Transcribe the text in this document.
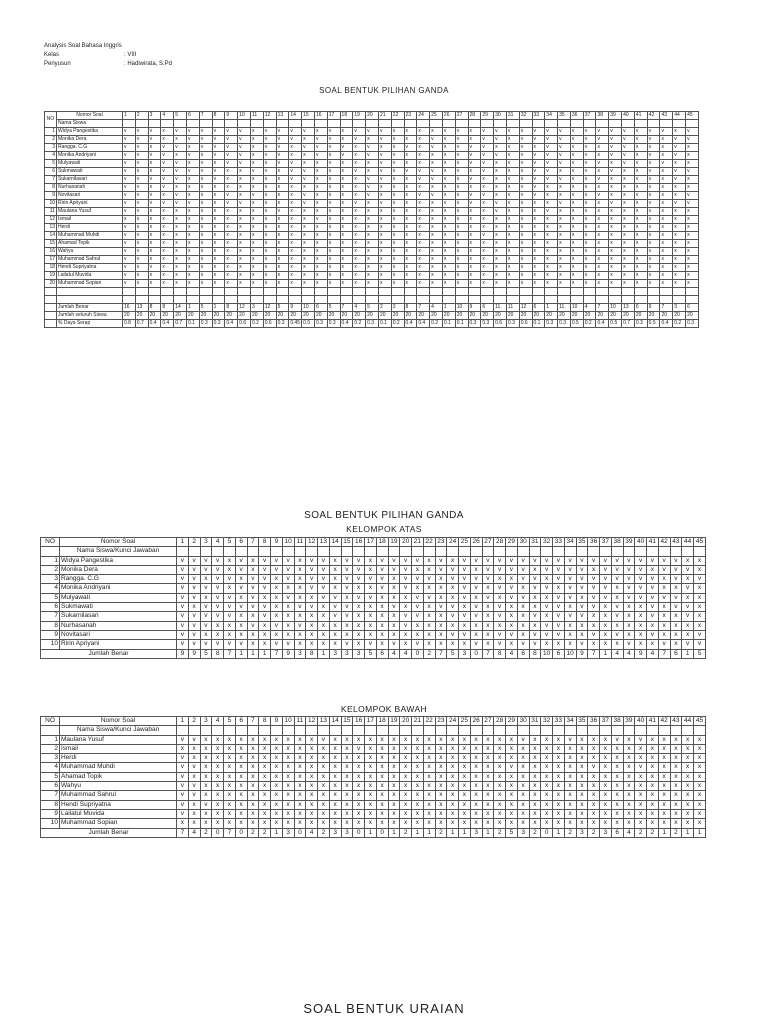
Analysis Soal Bahasa Inggris
Kelas	: VIII
Penyusun	: Hadiwirata, S.Pd
SOAL BENTUK PILIHAN GANDA
NO	Nomor Soal	1	2	3	4	5	6	7	8	9	10	11	12	13	14	15	16	17	18	19	20	21	22	23	24	25	26	27	28	29	30	31	32	33	34	35	36	37	38	39	40	41	42	43	44	45
	Nama Siswa																																													
1	Widya Pangestika	v	v	v	x	v	v	v	v	v	v	x	v	v	v	v	x	v	x	v	v	v	x	x	x	x	v	v	x	v	v	v	x	v	v	v	v	v	v	v	v	v	v	v	x	v
2	Monika Dera	v	v	v	x	x	v	v	v	v	v	x	v	v	v	x	v	v	x	v	x	v	x	x	x	v	v	v	x	v	v	x	v	v	v	v	v	v	v	v	v	v	v	x	v	v
3	Rangga. C.G	v	v	x	v	v	x	v	v	v	v	x	v	v	x	v	v	v	v	x	v	x	x	v	x	v	x	v	v	v	x	v	v	x	v	v	v	v	x	v	v	x	x	x	v	x
4	Monika Andriyani	v	v	v	v	x	v	x	v	v	v	x	v	v	x	x	v	x	v	x	v	v	v	x	x	x	x	v	v	v	v	v	v	v	v	v	v	v	x	v	v	x	v	x	v	x
5	Mulyawati	v	v	x	v	v	x	v	x	v	v	x	x	v	v	x	x	v	x	x	x	v	v	x	x	x	x	x	v	v	x	v	v	v	v	v	v	v	v	x	v	v	x	v	x	x
6	Sukmawati	v	x	x	v	v	v	v	v	x	x	v	v	x	v	v	x	x	x	v	x	v	x	v	v	v	x	v	x	v	x	x	x	v	v	x	v	v	x	v	x	x	v	x	v	v
7	Sukarnilasari	v	v	v	v	v	x	x	v	x	x	x	x	x	v	v	x	x	x	x	v	v	x	x	v	v	v	x	v	x	x	v	x	v	v	v	v	x	v	x	x	v	x	x	v	x
8	Nurhasanah	v	v	x	v	x	x	x	x	x	x	x	x	x	x	x	x	x	x	x	v	x	x	x	x	x	x	x	x	x	x	x	v	v	x	x	x	x	x	x	x	x	x	x	x	x
9	Novitasari	v	v	v	x	v	x	x	x	v	x	v	x	x	x	v	x	x	x	x	v	x	x	x	v	v	x	x	v	v	x	v	v	v	x	x	v	x	v	x	x	v	x	x	x	v
10	Ririn Apriyani	v	v	v	v	v	v	x	x	v	v	x	x	x	x	v	x	v	x	v	x	v	x	x	x	x	v	x	v	x	v	v	x	x	x	v	x	x	x	v	x	x	v	x	v	v
11	Maulana Yusuf	v	v	x	x	x	x	x	x	x	x	x	x	v	x	x	x	x	x	x	x	x	x	x	x	x	x	x	x	x	v	x	x	x	v	x	x	x	x	x	x	x	x	x	x	x
12	Ismail	x	x	x	x	x	x	x	x	x	x	x	x	x	x	x	v	x	x	x	x	x	x	x	x	x	x	x	x	x	x	x	x	x	x	x	x	x	x	x	x	x	x	x	x	x
13	Herdi	v	x	x	x	x	x	x	x	x	x	x	x	x	x	x	x	x	x	x	x	x	x	x	x	x	x	x	x	x	x	x	x	x	x	x	x	x	x	x	x	x	x	x	x	x
14	Muhammad Muhdi	v	v	x	x	x	x	x	x	x	x	x	x	x	x	x	x	x	x	x	x	x	x	x	x	x	x	x	x	v	x	x	x	x	x	x	x	x	x	x	x	x	x	x	x	x
15	Ahamad Topik	v	x	x	x	x	x	x	x	x	x	x	x	x	x	x	x	x	x	x	x	x	x	x	x	x	x	x	x	x	x	x	x	x	x	x	x	x	x	x	x	x	x	x	x	x
16	Wahyu	v	v	x	x	x	x	x	x	x	x	x	x	x	x	x	x	x	x	x	x	x	x	x	x	x	x	x	x	x	x	x	x	x	x	x	x	x	x	x	x	x	x	x	x	x
17	Muhammad Sahrul	v	v	x	x	x	x	x	x	x	x	x	x	x	x	x	x	x	x	x	x	x	x	x	x	x	x	x	x	x	x	x	x	x	x	x	x	x	x	x	x	x	x	x	x	x
18	Hendi Supriyatna	v	x	v	x	x	x	x	x	x	x	x	x	x	x	x	x	x	x	x	x	x	x	x	x	x	x	x	x	x	x	x	x	x	x	x	x	x	x	x	x	x	x	x	x	x
19	Lailatul Muvida	v	x	x	x	x	x	x	x	x	x	x	x	x	x	x	x	x	x	x	x	x	x	x	x	x	x	x	x	x	x	x	x	x	x	x	x	x	x	x	x	x	x	x	x	x
20	Muhammad Sopian	v	x	x	x	x	x	x	x	x	x	x	x	x	x	x	x	x	x	x	x	x	x	x	x	x	x	x	x	x	x	x	x	x	x	x	x	x	x	x	x	x	x	x	x	x

	Jumlah Benar	16	13	8	8	14	1	5	1	8	12	3	12	5	9	10	6	5	7	4	5	2	3	8	7	4	1	10	9	6	11	11	12	6	1	11	10	4	7	10	13	6	9	7	3	6
	Jumlah seluruh Siswa	20	20	20	20	20	20	20	20	20	20	20	20	20	20	20	20	20	20	20	20	20	20	20	20	20	20	20	20	20	20	20	20	20	20	20	20	20	20	20	20	20	20	20	20	20
	% Daya Serap	0.8	0.7	0.4	0.4	0.7	0.1	0.3	0.3	0.4	0.6	0.2	0.6	0.3	0.45	0.5	0.3	0.3	0.4	0.2	0.3	0.1	0.2	0.4	0.4	0.2	0.1	0.1	0.3	0.3	0.6	0.3	0.6	0.1	0.3	0.3	0.5	0.2	0.4	0.5	0.7	0.3	0.5	0.4	0.2	0.3
SOAL BENTUK PILIHAN GANDA
KELOMPOK ATAS
NO	Nomor Soal	1	2	3	4	5	6	7	8	9	10	11	12	13	14	15	16	17	18	19	20	21	22	23	24	25	26	27	28	29	30	31	32	33	34	35	36	37	38	39	40	41	42	43	44	45
	Nama Siswa/Kunci Jawaban																																													
1	Widya Pangestika	v	v	v	v	x	v	x	v	v	v	x	v	v	x	v	v	x	v	v	v	v	x	v	x	v	v	v	v	v	v	v	v	v	v	v	v	v	v	v	v	v	v	v	x	x
2	Monika Dera	v	v	v	v	x	v	x	v	v	v	x	v	v	x	v	v	x	v	v	v	x	x	v	v	v	x	v	v	v	v	x	v	v	v	v	x	v	v	v	v	x	v	v	v	x
3	Rangga. C.G	v	v	x	v	v	x	v	v	x	v	x	v	v	x	v	v	v	v	x	v	v	v	x	v	v	v	v	x	x	v	v	x	v	v	v	v	v	v	v	v	v	x	v	x	v
4	Monika Andriyani	v	v	v	v	x	v	v	v	x	x	x	v	v	x	v	x	x	v	x	v	x	x	x	x	v	v	x	v	v	x	v	v	x	v	v	v	v	x	v	v	v	x	x	v	x
5	Mulyawati	v	v	x	v	v	x	v	x	x	v	x	x	v	v	x	v	v	x	x	x	v	v	x	x	v	x	v	x	v	v	x	x	v	v	x	v	v	x	v	v	v	v	v	x	x
6	Sukmawati	v	x	v	v	v	v	v	v	x	x	v	v	x	v	v	x	x	x	v	x	v	x	v	v	x	v	x	v	x	x	x	v	v	x	v	v	x	v	x	x	v	x	v	v	x
7	Sukarnilasari	v	v	v	v	v	x	x	v	x	x	x	x	x	v	v	x	x	x	x	v	v	x	x	v	v	v	x	v	x	x	v	x	v	v	v	x	x	v	x	x	v	x	x	v	x
8	Nurhasanah	v	v	v	x	x	x	v	x	v	x	v	x	x	x	x	x	x	x	x	v	x	x	x	x	x	x	x	x	x	x	x	v	v	x	x	x	x	x	x	x	x	x	x	x	x
9	Novitasari	v	v	x	x	x	x	x	x	x	x	x	x	x	x	x	x	x	x	x	x	x	x	x	v	v	x	x	v	v	x	v	v	v	x	x	v	x	v	x	x	v	x	x	x	v
10	Ririn Apriyani	v	v	v	v	v	v	x	x	v	v	x	x	x	x	v	x	v	x	v	x	v	x	x	x	x	v	x	v	x	v	v	x	x	x	v	x	x	x	v	x	x	v	x	v	v
Jumlah Benar		9	9	5	8	7	1	1	1	7	9	3	8	1	3	3	3	5	6	4	4	0	2	7	5	3	0	7	8	4	6	8	10	6	10	9	7	1	4	4	9	4	7	6	1	5
KELOMPOK BAWAH
NO	Nomor Soal	1	2	3	4	5	6	7	8	9	10	11	12	13	14	15	16	17	18	19	20	21	22	23	24	25	26	27	28	29	30	31	32	33	34	35	36	37	38	39	40	41	42	43	44	45
	Nama Siswa/Kunci Jawaban																																													
1	Maulana Yusuf	v	v	x	x	x	x	x	x	x	x	x	x	v	x	x	x	x	x	x	x	x	x	x	x	x	x	x	x	x	v	x	x	x	v	x	x	x	v	x	v	x	x	x	x	x
2	Ismail	x	x	x	x	x	x	x	x	x	x	x	x	x	x	x	v	x	x	x	x	x	x	x	x	x	x	x	x	x	x	x	x	x	x	x	x	x	x	x	x	x	x	x	x	x
3	Herdi	v	x	x	x	x	x	x	x	x	x	x	x	x	x	x	x	x	x	x	x	x	x	x	x	x	x	x	x	x	x	x	x	x	x	x	x	x	x	x	x	x	x	x	x	x
4	Muhammad Muhdi	v	v	x	x	x	x	x	x	x	x	x	x	x	x	x	x	x	x	x	x	x	x	x	x	x	x	x	x	v	x	x	x	x	x	x	v	x	x	x	v	x	x	x	x	x
5	Ahamad Topik	v	x	x	x	x	x	x	x	x	x	x	x	x	x	x	x	x	x	x	x	x	x	x	x	x	x	x	x	x	x	x	x	x	x	x	x	x	x	x	x	x	x	x	x	x
6	Wahyu	v	v	x	x	x	x	x	x	x	x	x	x	x	x	x	x	x	x	x	x	x	x	x	x	x	x	x	x	x	x	x	x	x	x	x	x	x	x	x	x	x	x	x	x	x
7	Muhammad Sahrul	v	v	x	x	x	x	x	x	x	x	x	x	x	x	x	x	x	x	x	x	x	x	x	x	x	x	x	x	x	x	x	x	x	x	x	x	x	x	x	x	x	x	x	x	x
8	Hendi Supriyatna	v	x	v	x	x	x	x	x	x	x	x	x	x	x	x	x	x	x	x	x	x	x	x	x	x	x	x	x	x	x	x	x	x	x	x	x	x	x	x	x	x	x	x	x	x
9	Lailatul Muvida	v	x	x	x	x	x	x	x	x	x	x	x	x	x	x	x	x	x	x	x	x	x	x	x	x	x	x	x	x	x	x	x	x	x	x	x	x	x	x	x	x	x	x	x	x
10	Muhammad Sopian	x	x	x	x	x	x	x	x	x	x	x	x	x	x	x	x	x	x	x	x	x	x	x	x	x	x	x	x	x	x	x	x	x	x	x	x	x	x	x	x	x	x	x	x	x
Jumlah Benar		7	4	2	0	7	0	2	2	1	3	0	4	2	3	3	0	1	0	1	2	1	1	2	1	1	3	1	2	5	3	2	0	1	2	3	2	3	6	4	2	2	1	2	1	1
SOAL BENTUK URAIAN
